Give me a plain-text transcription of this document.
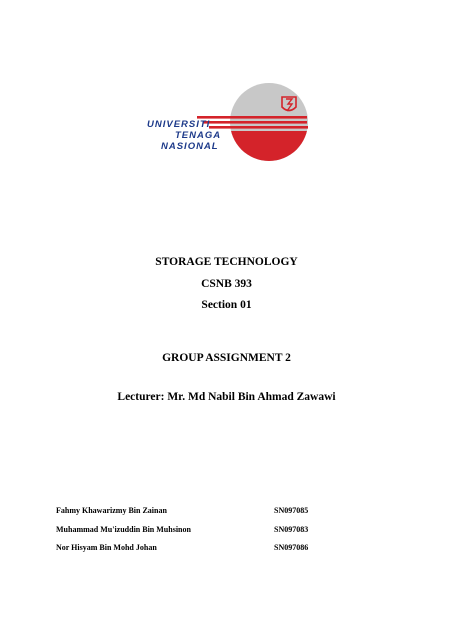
UNIVERSITI
TENAGA
NASIONAL
STORAGE TECHNOLOGY
CSNB 393
Section 01
GROUP ASSIGNMENT 2
Lecturer: Mr. Md Nabil Bin Ahmad Zawawi
Fahmy Khawarizmy Bin Zainan	SN097085
Muhammad Mu'izuddin Bin Muhsinon	SN097083
Nor Hisyam Bin Mohd Johan	SN097086
